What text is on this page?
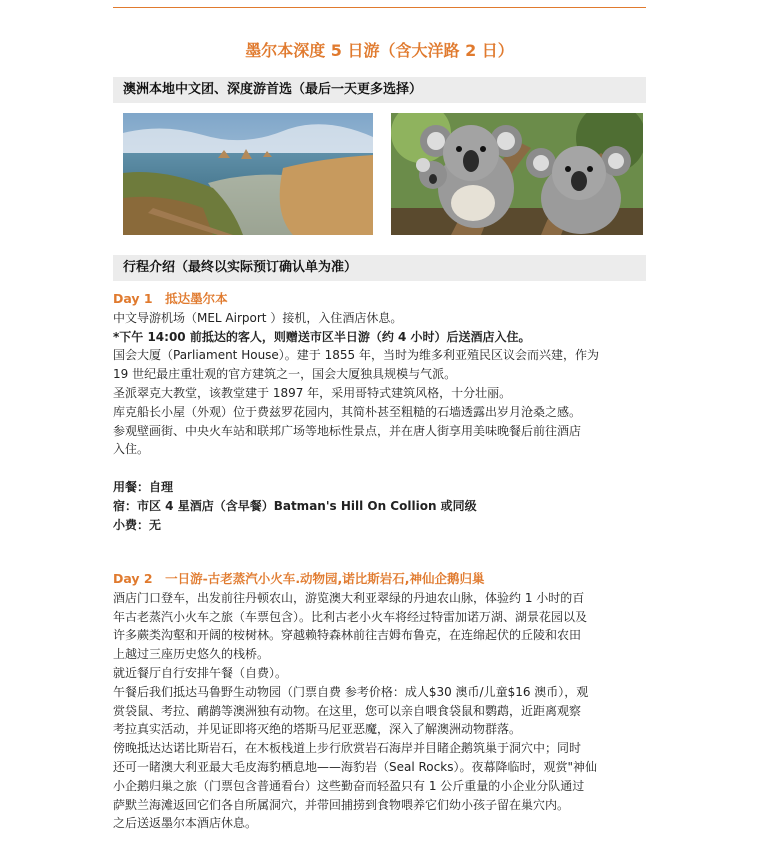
墨尔本深度 5 日游（含大洋路 2 日）
澳洲本地中文团、深度游首选（最后一天更多选择）
行程介绍（最终以实际预订确认单为准）

Day 1　抵达墨尔本

中文导游机场（MEL Airport ）接机，入住酒店休息。

*下午 14:00 前抵达的客人，则赠送市区半日游（约 4 小时）后送酒店入住。

国会大厦（Parliament House）。建于 1855 年，当时为维多利亚殖民区议会而兴建，作为

19 世纪最庄重壮观的官方建筑之一，国会大厦独具规模与气派。

圣派翠克大教堂，该教堂建于 1897 年，采用哥特式建筑风格，十分壮丽。

库克船长小屋（外观）位于费兹罗花园内，其简朴甚至粗糙的石墙透露出岁月沧桑之感。

参观壁画街、中央火车站和联邦广场等地标性景点，并在唐人街享用美味晚餐后前往酒店

入住。

用餐：自理

宿：市区 4 星酒店（含早餐）Batman's Hill On Collion 或同级

小费：无

Day 2　一日游-古老蒸汽小火车.动物园,诺比斯岩石,神仙企鹅归巢

酒店门口登车，出发前往丹顿农山，游览澳大利亚翠绿的丹迪农山脉，体验约 1 小时的百

年古老蒸汽小火车之旅（车票包含）。比利古老小火车将经过特雷加诺万湖、湖景花园以及

许多蕨类沟壑和开阔的桉树林。穿越赖特森林前往吉姆布鲁克，在连绵起伏的丘陵和农田

上越过三座历史悠久的栈桥。

就近餐厅自行安排午餐（自费）。

午餐后我们抵达马鲁野生动物园（门票自费 参考价格：成人$30 澳币/儿童$16 澳币），观

赏袋鼠、考拉、鸸鹋等澳洲独有动物。在这里，您可以亲自喂食袋鼠和鹦鹉，近距离观察

考拉真实活动，并见证即将灭绝的塔斯马尼亚恶魔，深入了解澳洲动物群落。

傍晚抵达达诺比斯岩石，在木板栈道上步行欣赏岩石海岸并目睹企鹅筑巢于洞穴中；同时

还可一睹澳大利亚最大毛皮海豹栖息地——海豹岩（Seal Rocks）。夜幕降临时，观赏"神仙

小企鹅归巢之旅（门票包含普通看台）这些勤奋而轻盈只有 1 公斤重量的小企业分队通过

萨默兰海滩返回它们各自所属洞穴，并带回捕捞到食物喂养它们幼小孩子留在巢穴内。

之后送返墨尔本酒店休息。
